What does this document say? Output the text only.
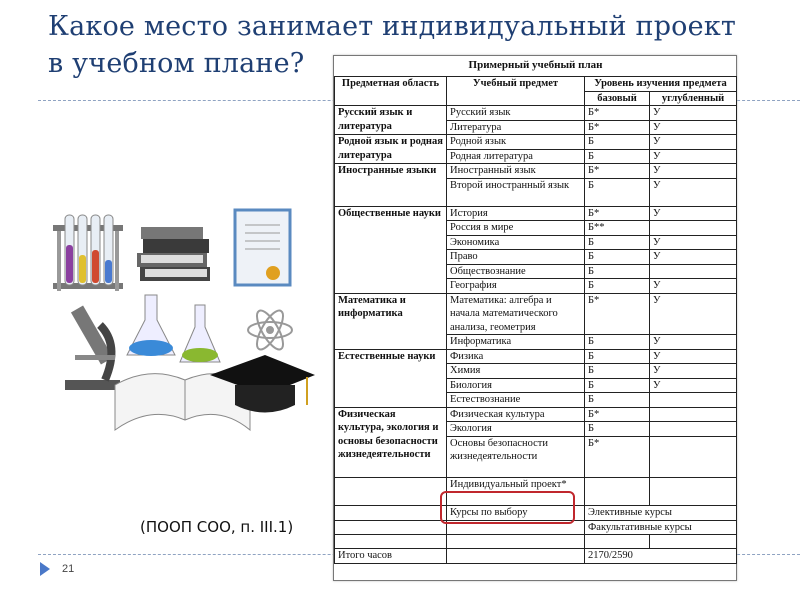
Какое место занимает индивидуальный проект
в учебном плане?	Примерный учебный план			
Предметная область	Учебный предмет	Уровень изучения предмета	
		базовый	углубленный
Русский язык и литература	Русский язык	Б*	У
	Литература	Б*	У
Родной язык и родная литература	Родной язык	Б	У
	Родная литература	Б	У
Иностранные языки	Иностранный язык	Б*	У
	Второй иностранный язык	Б	У
Общественные науки	История	Б*	У
	Россия в мире	Б**	
	Экономика	Б	У
	Право	Б	У
	Обществознание	Б	
	География	Б	У
Математика и информатика	Математика: алгебра и начала математического анализа, геометрия	Б*	У
	Информатика	Б	У
Естественные науки	Физика	Б	У
	Химия	Б	У
	Биология	Б	У
	Естествознание	Б	
Физическая культура, экология и основы безопасности жизнедеятельности	Физическая культура	Б*	
	Экология	Б	
	Основы безопасности жизнедеятельности	Б*	
	Индивидуальный проект*		
	Курсы по выбору	Элективные курсы	
		Факультативные курсы	

Итого часов		2170/2590	
(ПООП СОО, п. III.1)
21
